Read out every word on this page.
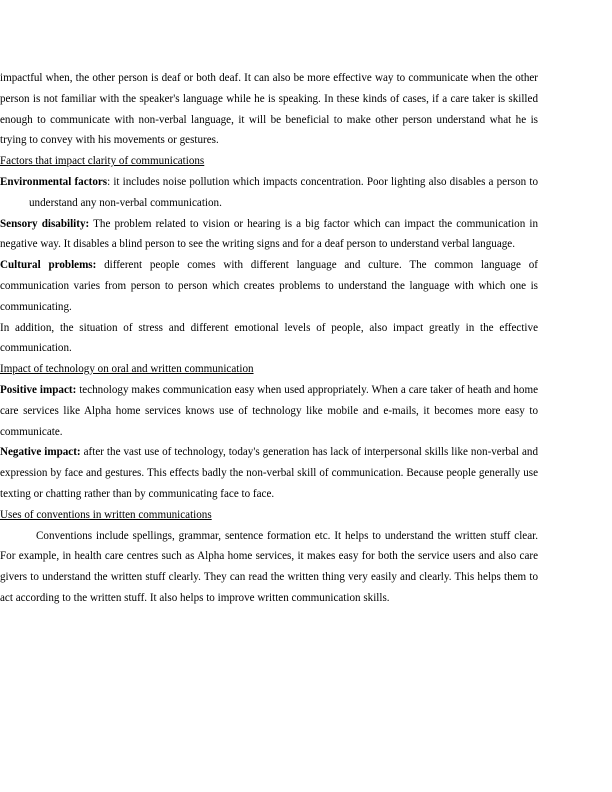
impactful when, the other person is deaf or both deaf. It can also be more effective way to communicate when the other person is not familiar with the speaker's language while he is speaking. In these kinds of cases, if a care taker is skilled enough to communicate with non-verbal language, it will be beneficial to make other person understand what he is trying to convey with his movements or gestures.

Factors that impact clarity of communications

Environmental factors: it includes noise pollution which impacts concentration. Poor lighting also disables a person to understand any non-verbal communication.

Sensory disability: The problem related to vision or hearing is a big factor which can impact the communication in negative way. It disables a blind person to see the writing signs and for a deaf person to understand verbal language.

Cultural problems: different people comes with different language and culture. The common language of communication varies from person to person which creates problems to understand the language with which one is communicating.

In addition, the situation of stress and different emotional levels of people, also impact greatly in the effective communication.

Impact of technology on oral and written communication

Positive impact: technology makes communication easy when used appropriately. When a care taker of heath and home care services like Alpha home services knows use of technology like mobile and e-mails, it becomes more easy to communicate.

Negative impact: after the vast use of technology, today's generation has lack of interpersonal skills like non-verbal and expression by face and gestures. This effects badly the non-verbal skill of communication. Because people generally use texting or chatting rather than by communicating face to face.

Uses of conventions in written communications

Conventions include spellings, grammar, sentence formation etc. It helps to understand the written stuff clear. For example, in health care centres such as Alpha home services, it makes easy for both the service users and also care givers to understand the written stuff clearly. They can read the written thing very easily and clearly. This helps them to act according to the written stuff. It also helps to improve written communication skills.
